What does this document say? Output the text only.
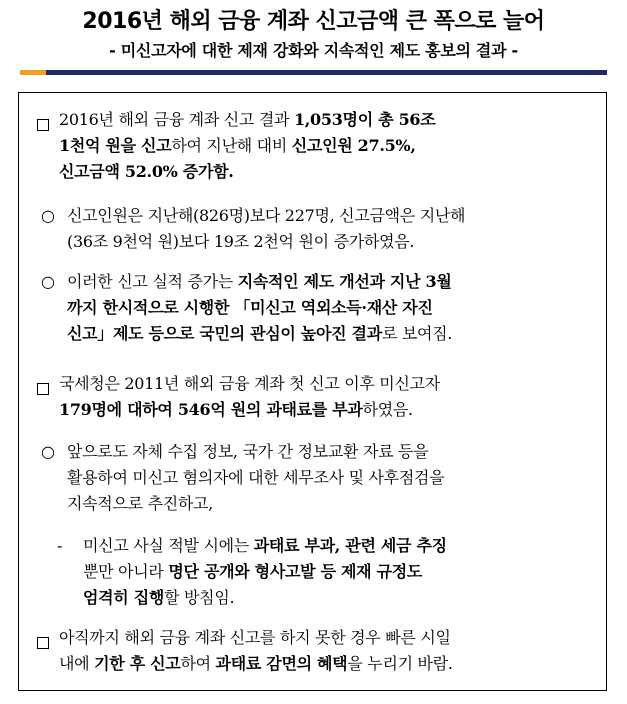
2016년 해외 금융 계좌 신고금액 큰 폭으로 늘어
- 미신고자에 대한 제재 강화와 지속적인 제도 홍보의 결과 -
2016년 해외 금융 계좌 신고 결과 1,053명이 총 56조
1천억 원을 신고하여 지난해 대비 신고인원 27.5%,
신고금액 52.0% 증가함.
○ 신고인원은 지난해(826명)보다 227명, 신고금액은 지난해
(36조 9천억 원)보다 19조 2천억 원이 증가하였음.
○ 이러한 신고 실적 증가는 지속적인 제도 개선과 지난 3월
까지 한시적으로 시행한 「미신고 역외소득·재산 자진
신고」제도 등으로 국민의 관심이 높아진 결과로 보여짐.
국세청은 2011년 해외 금융 계좌 첫 신고 이후 미신고자
179명에 대하여 546억 원의 과태료를 부과하였음.
○ 앞으로도 자체 수집 정보, 국가 간 정보교환 자료 등을
활용하여 미신고 혐의자에 대한 세무조사 및 사후점검을
지속적으로 추진하고,
- 미신고 사실 적발 시에는 과태료 부과, 관련 세금 추징
뿐만 아니라 명단 공개와 형사고발 등 제재 규정도
엄격히 집행할 방침임.
아직까지 해외 금융 계좌 신고를 하지 못한 경우 빠른 시일
내에 기한 후 신고하여 과태료 감면의 혜택을 누리기 바람.
